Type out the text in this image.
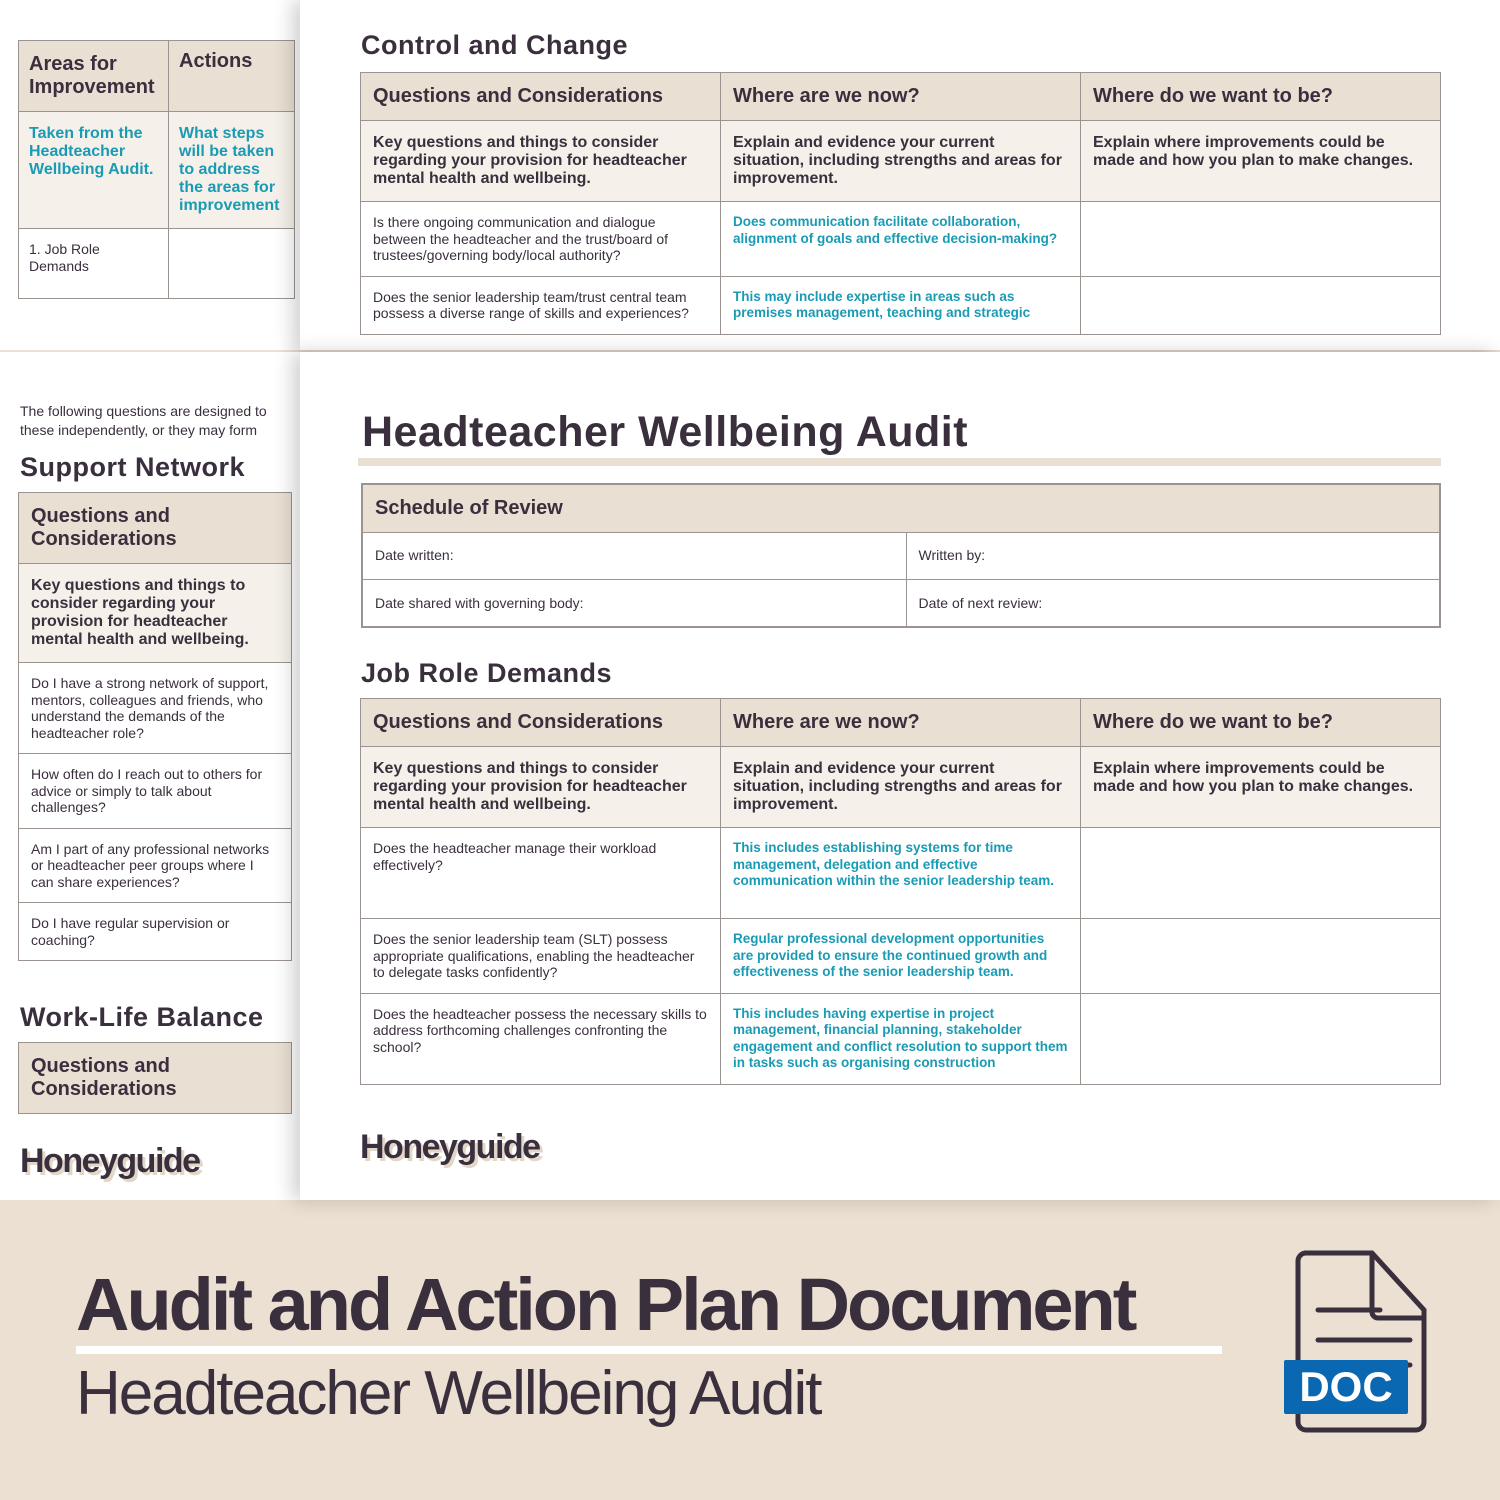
Areas for Improvement	Actions
Taken from the Headteacher Wellbeing Audit.	What steps will be taken to address the areas for improvement
1. Job Role Demands	
Control and Change
Questions and Considerations	Where are we now?	Where do we want to be?
Key questions and things to consider regarding your provision for headteacher mental health and wellbeing.	Explain and evidence your current situation, including strengths and areas for improvement.	Explain where improvements could be made and how you plan to make changes.
Is there ongoing communication and dialogue between the headteacher and the trust/board of trustees/governing body/local authority?	Does communication facilitate collaboration, alignment of goals and effective decision-making?	
Does the senior leadership team/trust central team possess a diverse range of skills and experiences?	This may include expertise in areas such as premises management, teaching and strategic	
The following questions are designed to
these independently, or they may form
Support Network
Questions and Considerations
Key questions and things to consider regarding your provision for headteacher mental health and wellbeing.
Do I have a strong network of support, mentors, colleagues and friends, who understand the demands of the headteacher role?
How often do I reach out to others for advice or simply to talk about challenges?
Am I part of any professional networks or headteacher peer groups where I can share experiences?
Do I have regular supervision or coaching?
Work-Life Balance
Questions and Considerations
Honeyguide
Headteacher Wellbeing Audit
Schedule of Review	
Date written:	Written by:
Date shared with governing body:	Date of next review:
Job Role Demands
Questions and Considerations	Where are we now?	Where do we want to be?
Key questions and things to consider regarding your provision for headteacher mental health and wellbeing.	Explain and evidence your current situation, including strengths and areas for improvement.	Explain where improvements could be made and how you plan to make changes.
Does the headteacher manage their workload effectively?	This includes establishing systems for time management, delegation and effective communication within the senior leadership team.	
Does the senior leadership team (SLT) possess appropriate qualifications, enabling the headteacher to delegate tasks confidently?	Regular professional development opportunities are provided to ensure the continued growth and effectiveness of the senior leadership team.	
Does the headteacher possess the necessary skills to address forthcoming challenges confronting the school?	This includes having expertise in project management, financial planning, stakeholder engagement and conflict resolution to support them in tasks such as organising construction	
Honeyguide
Audit and Action Plan Document
Headteacher Wellbeing Audit	DOC
